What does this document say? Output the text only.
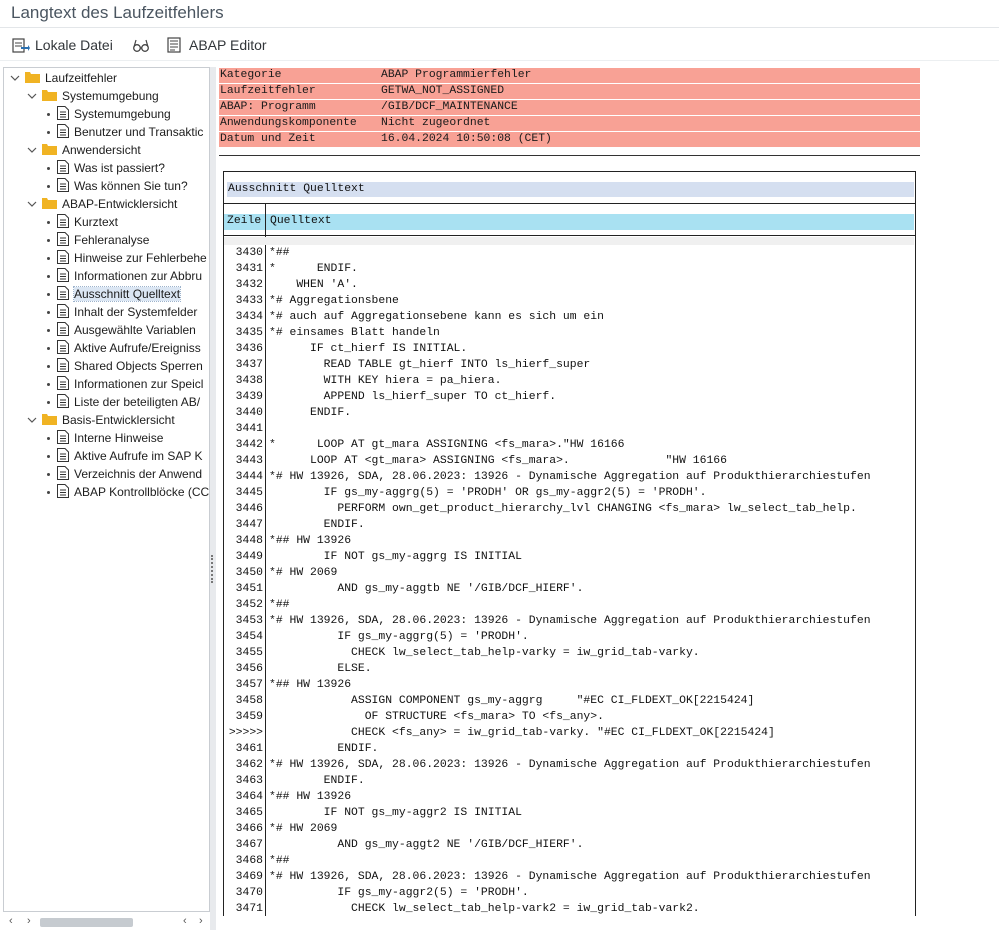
Langtext des Laufzeitfehlers
Lokale Datei	ABAP Editor
Laufzeitfehler
Systemumgebung
Systemumgebung
Benutzer und Transaktic
Anwendersicht
Was ist passiert?
Was können Sie tun?
ABAP-Entwicklersicht
Kurztext
Fehleranalyse
Hinweise zur Fehlerbehe
Informationen zur Abbru
Ausschnitt Quelltext
Inhalt der Systemfelder
Ausgewählte Variablen
Aktive Aufrufe/Ereigniss
Shared Objects Sperren
Informationen zur Speicl
Liste der beteiligten AB/
Basis-Entwicklersicht
Interne Hinweise
Aktive Aufrufe im SAP K
Verzeichnis der Anwend
ABAP Kontrollblöcke (CC
‹ ›	‹ ›
Kategorie	ABAP Programmierfehler
Laufzeitfehler	GETWA_NOT_ASSIGNED
ABAP: Programm	/GIB/DCF_MAINTENANCE
Anwendungskomponente Nicht zugeordnet
Datum und Zeit	16.04.2024 10:50:08 (CET)
Ausschnitt Quelltext
Zeile Quelltext
3430 *##
3431 *      ENDIF.
3432 WHEN 'A'.
3433 *# Aggregationsbene
3434 *# auch auf Aggregationsebene kann es sich um ein
3435 *# einsames Blatt handeln
3436 IF ct_hierf IS INITIAL.
3437 READ TABLE gt_hierf INTO ls_hierf_super
3438 WITH KEY hiera = pa_hiera.
3439 APPEND ls_hierf_super TO ct_hierf.
3440 ENDIF.
3441
3442 *      LOOP AT gt_mara ASSIGNING <fs_mara>."HW 16166
3443 LOOP AT <gt_mara> ASSIGNING <fs_mara>.              "HW 16166
3444 *# HW 13926, SDA, 28.06.2023: 13926 - Dynamische Aggregation auf Produkthierarchiestufen
3445 IF gs_my-aggrg(5) = 'PRODH' OR gs_my-aggr2(5) = 'PRODH'.
3446 PERFORM own_get_product_hierarchy_lvl CHANGING <fs_mara> lw_select_tab_help.
3447 ENDIF.
3448 *## HW 13926
3449 IF NOT gs_my-aggrg IS INITIAL
3450 *# HW 2069
3451 AND gs_my-aggtb NE '/GIB/DCF_HIERF'.
3452 *##
3453 *# HW 13926, SDA, 28.06.2023: 13926 - Dynamische Aggregation auf Produkthierarchiestufen
3454 IF gs_my-aggrg(5) = 'PRODH'.
3455 CHECK lw_select_tab_help-varky = iw_grid_tab-varky.
3456 ELSE.
3457 *## HW 13926
3458 ASSIGN COMPONENT gs_my-aggrg     "#EC CI_FLDEXT_OK[2215424]
3459 OF STRUCTURE <fs_mara> TO <fs_any>.
>>>>> CHECK <fs_any> = iw_grid_tab-varky. "#EC CI_FLDEXT_OK[2215424]
3461 ENDIF.
3462 *# HW 13926, SDA, 28.06.2023: 13926 - Dynamische Aggregation auf Produkthierarchiestufen
3463 ENDIF.
3464 *## HW 13926
3465 IF NOT gs_my-aggr2 IS INITIAL
3466 *# HW 2069
3467 AND gs_my-aggt2 NE '/GIB/DCF_HIERF'.
3468 *##
3469 *# HW 13926, SDA, 28.06.2023: 13926 - Dynamische Aggregation auf Produkthierarchiestufen
3470 IF gs_my-aggr2(5) = 'PRODH'.
3471 CHECK lw_select_tab_help-vark2 = iw_grid_tab-vark2.
